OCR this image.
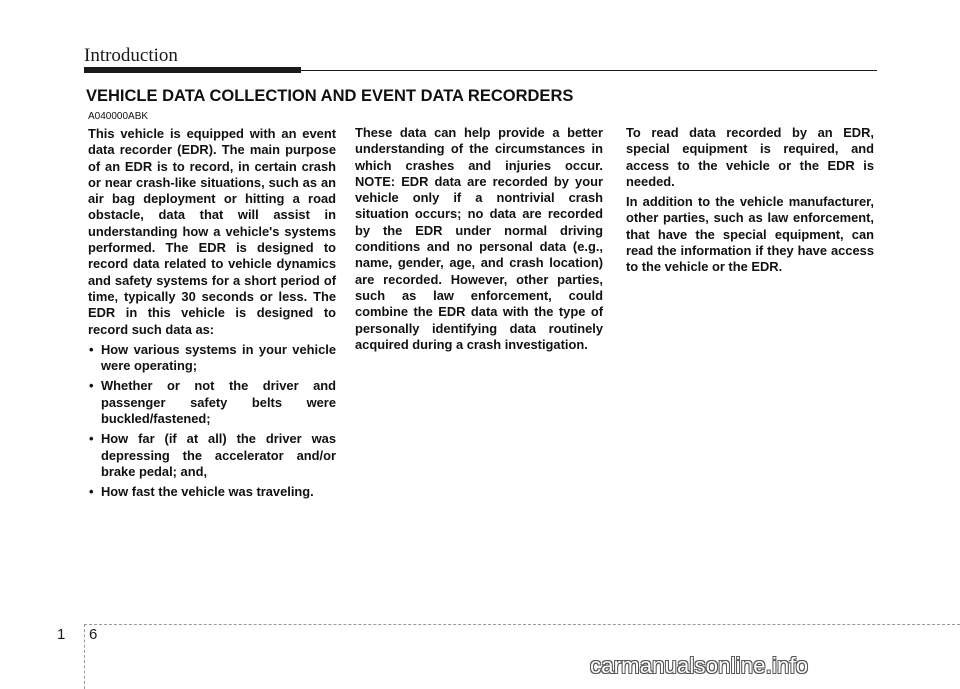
Introduction
VEHICLE DATA COLLECTION AND EVENT DATA RECORDERS

A040000ABK

This vehicle is equipped with an event data recorder (EDR). The main purpose of an EDR is to record, in certain crash or near crash-like situations, such as an air bag deployment or hitting a road obstacle, data that will assist in understanding how a vehicle's systems performed. The EDR is designed to record data related to vehicle dynamics and safety systems for a short period of time, typically 30 seconds or less. The EDR in this vehicle is designed to record such data as:

• How various systems in your vehicle were operating;
• Whether or not the driver and passenger safety belts were buckled/fastened;
• How far (if at all) the driver was depressing the accelerator and/or brake pedal; and,
• How fast the vehicle was traveling.

These data can help provide a better understanding of the circumstances in which crashes and injuries occur. NOTE: EDR data are recorded by your vehicle only if a nontrivial crash situation occurs; no data are recorded by the EDR under normal driving conditions and no personal data (e.g., name, gender, age, and crash location) are recorded. However, other parties, such as law enforcement, could combine the EDR data with the type of personally identifying data routinely acquired during a crash investigation.

To read data recorded by an EDR, special equipment is required, and access to the vehicle or the EDR is needed.

In addition to the vehicle manufacturer, other parties, such as law enforcement, that have the special equipment, can read the information if they have access to the vehicle or the EDR.

1 6
carmanualsonline.info
